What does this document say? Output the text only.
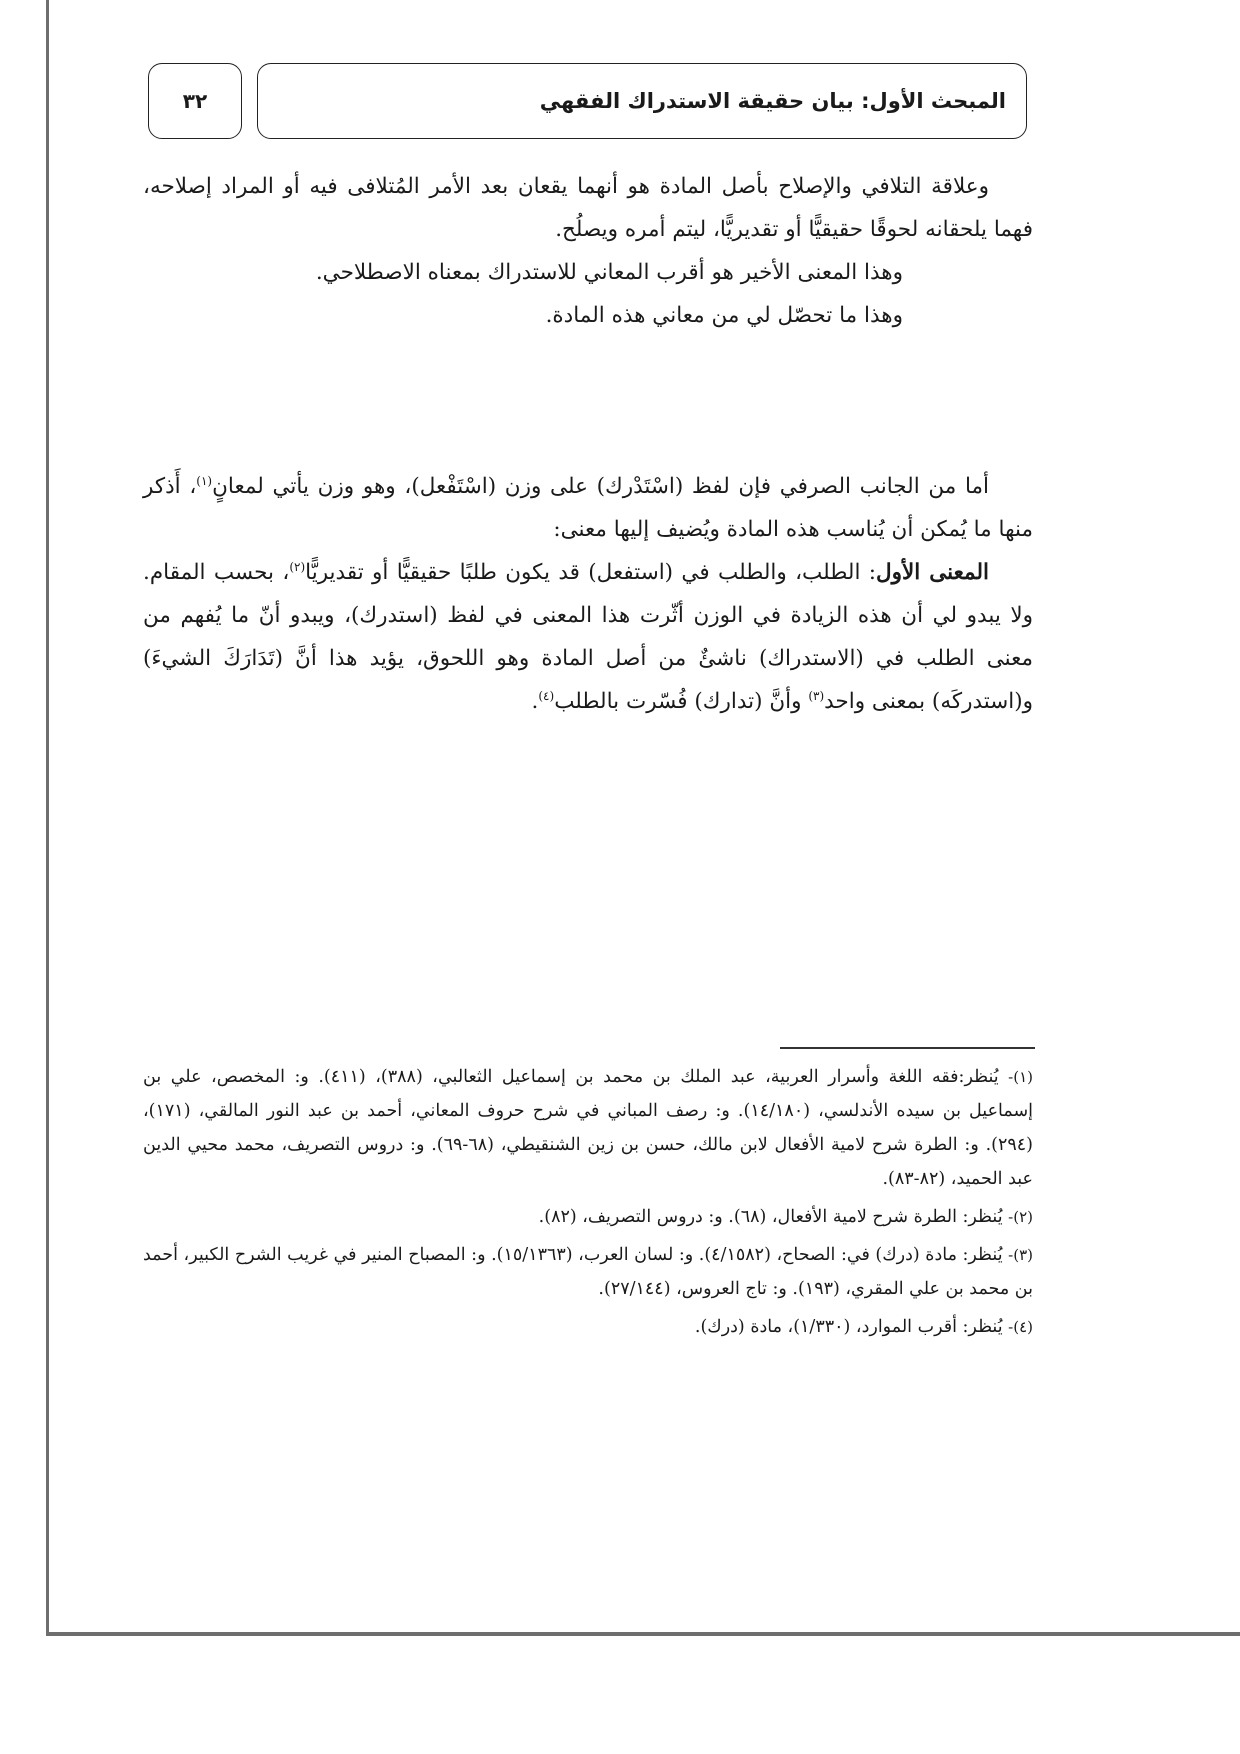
المبحث الأول: بيان حقيقة الاستدراك الفقهي
٣٢

وعلاقة التلافي والإصلاح بأصل المادة هو أنهما يقعان بعد الأمر المُتلافى فيه أو المراد إصلاحه، فهما يلحقانه لحوقًا حقيقيًّا أو تقديريًّا، ليتم أمره ويصلُح.

وهذا المعنى الأخير هو أقرب المعاني للاستدراك بمعناه الاصطلاحي.

وهذا ما تحصّل لي من معاني هذه المادة.

أما من الجانب الصرفي فإن لفظ (اسْتَدْرك) على وزن (اسْتَفْعل)، وهو وزن يأتي لمعانٍ$^{(١)}$، أَذكر منها ما يُمكن أن يُناسب هذه المادة ويُضيف إليها معنى:

المعنى الأول: الطلب، والطلب في (استفعل) قد يكون طلبًا حقيقيًّا أو تقديريًّا$^{(٢)}$، بحسب المقام. ولا يبدو لي أن هذه الزيادة في الوزن أثّرت هذا المعنى في لفظ (استدرك)، ويبدو أنّ ما يُفهم من معنى الطلب في (الاستدراك) ناشئٌ من أصل المادة وهو اللحوق، يؤيد هذا أنَّ (تَدَارَكَ الشيءَ) و(استدركَه) بمعنى واحد$^{(٣)}$ وأنَّ (تدارك) فُسّرت بالطلب$^{(٤)}$.

(١)- يُنظر:فقه اللغة وأسرار العربية، عبد الملك بن محمد بن إسماعيل الثعالبي، (٣٨٨)، (٤١١). و: المخصص، علي بن إسماعيل بن سيده الأندلسي، (١٤/١٨٠). و: رصف المباني في شرح حروف المعاني، أحمد بن عبد النور المالقي، (١٧١)، (٢٩٤). و: الطرة شرح لامية الأفعال لابن مالك، حسن بن زين الشنقيطي، (٦٨-٦٩). و: دروس التصريف، محمد محيي الدين عبد الحميد، (٨٢-٨٣).

(٢)- يُنظر: الطرة شرح لامية الأفعال، (٦٨). و: دروس التصريف، (٨٢).

(٣)- يُنظر: مادة (درك) في: الصحاح، (٤/١٥٨٢). و: لسان العرب، (١٥/١٣٦٣). و: المصباح المنير في غريب الشرح الكبير، أحمد بن محمد بن علي المقري، (١٩٣). و: تاج العروس، (٢٧/١٤٤).

(٤)- يُنظر: أقرب الموارد، (١/٣٣٠)، مادة (درك).
